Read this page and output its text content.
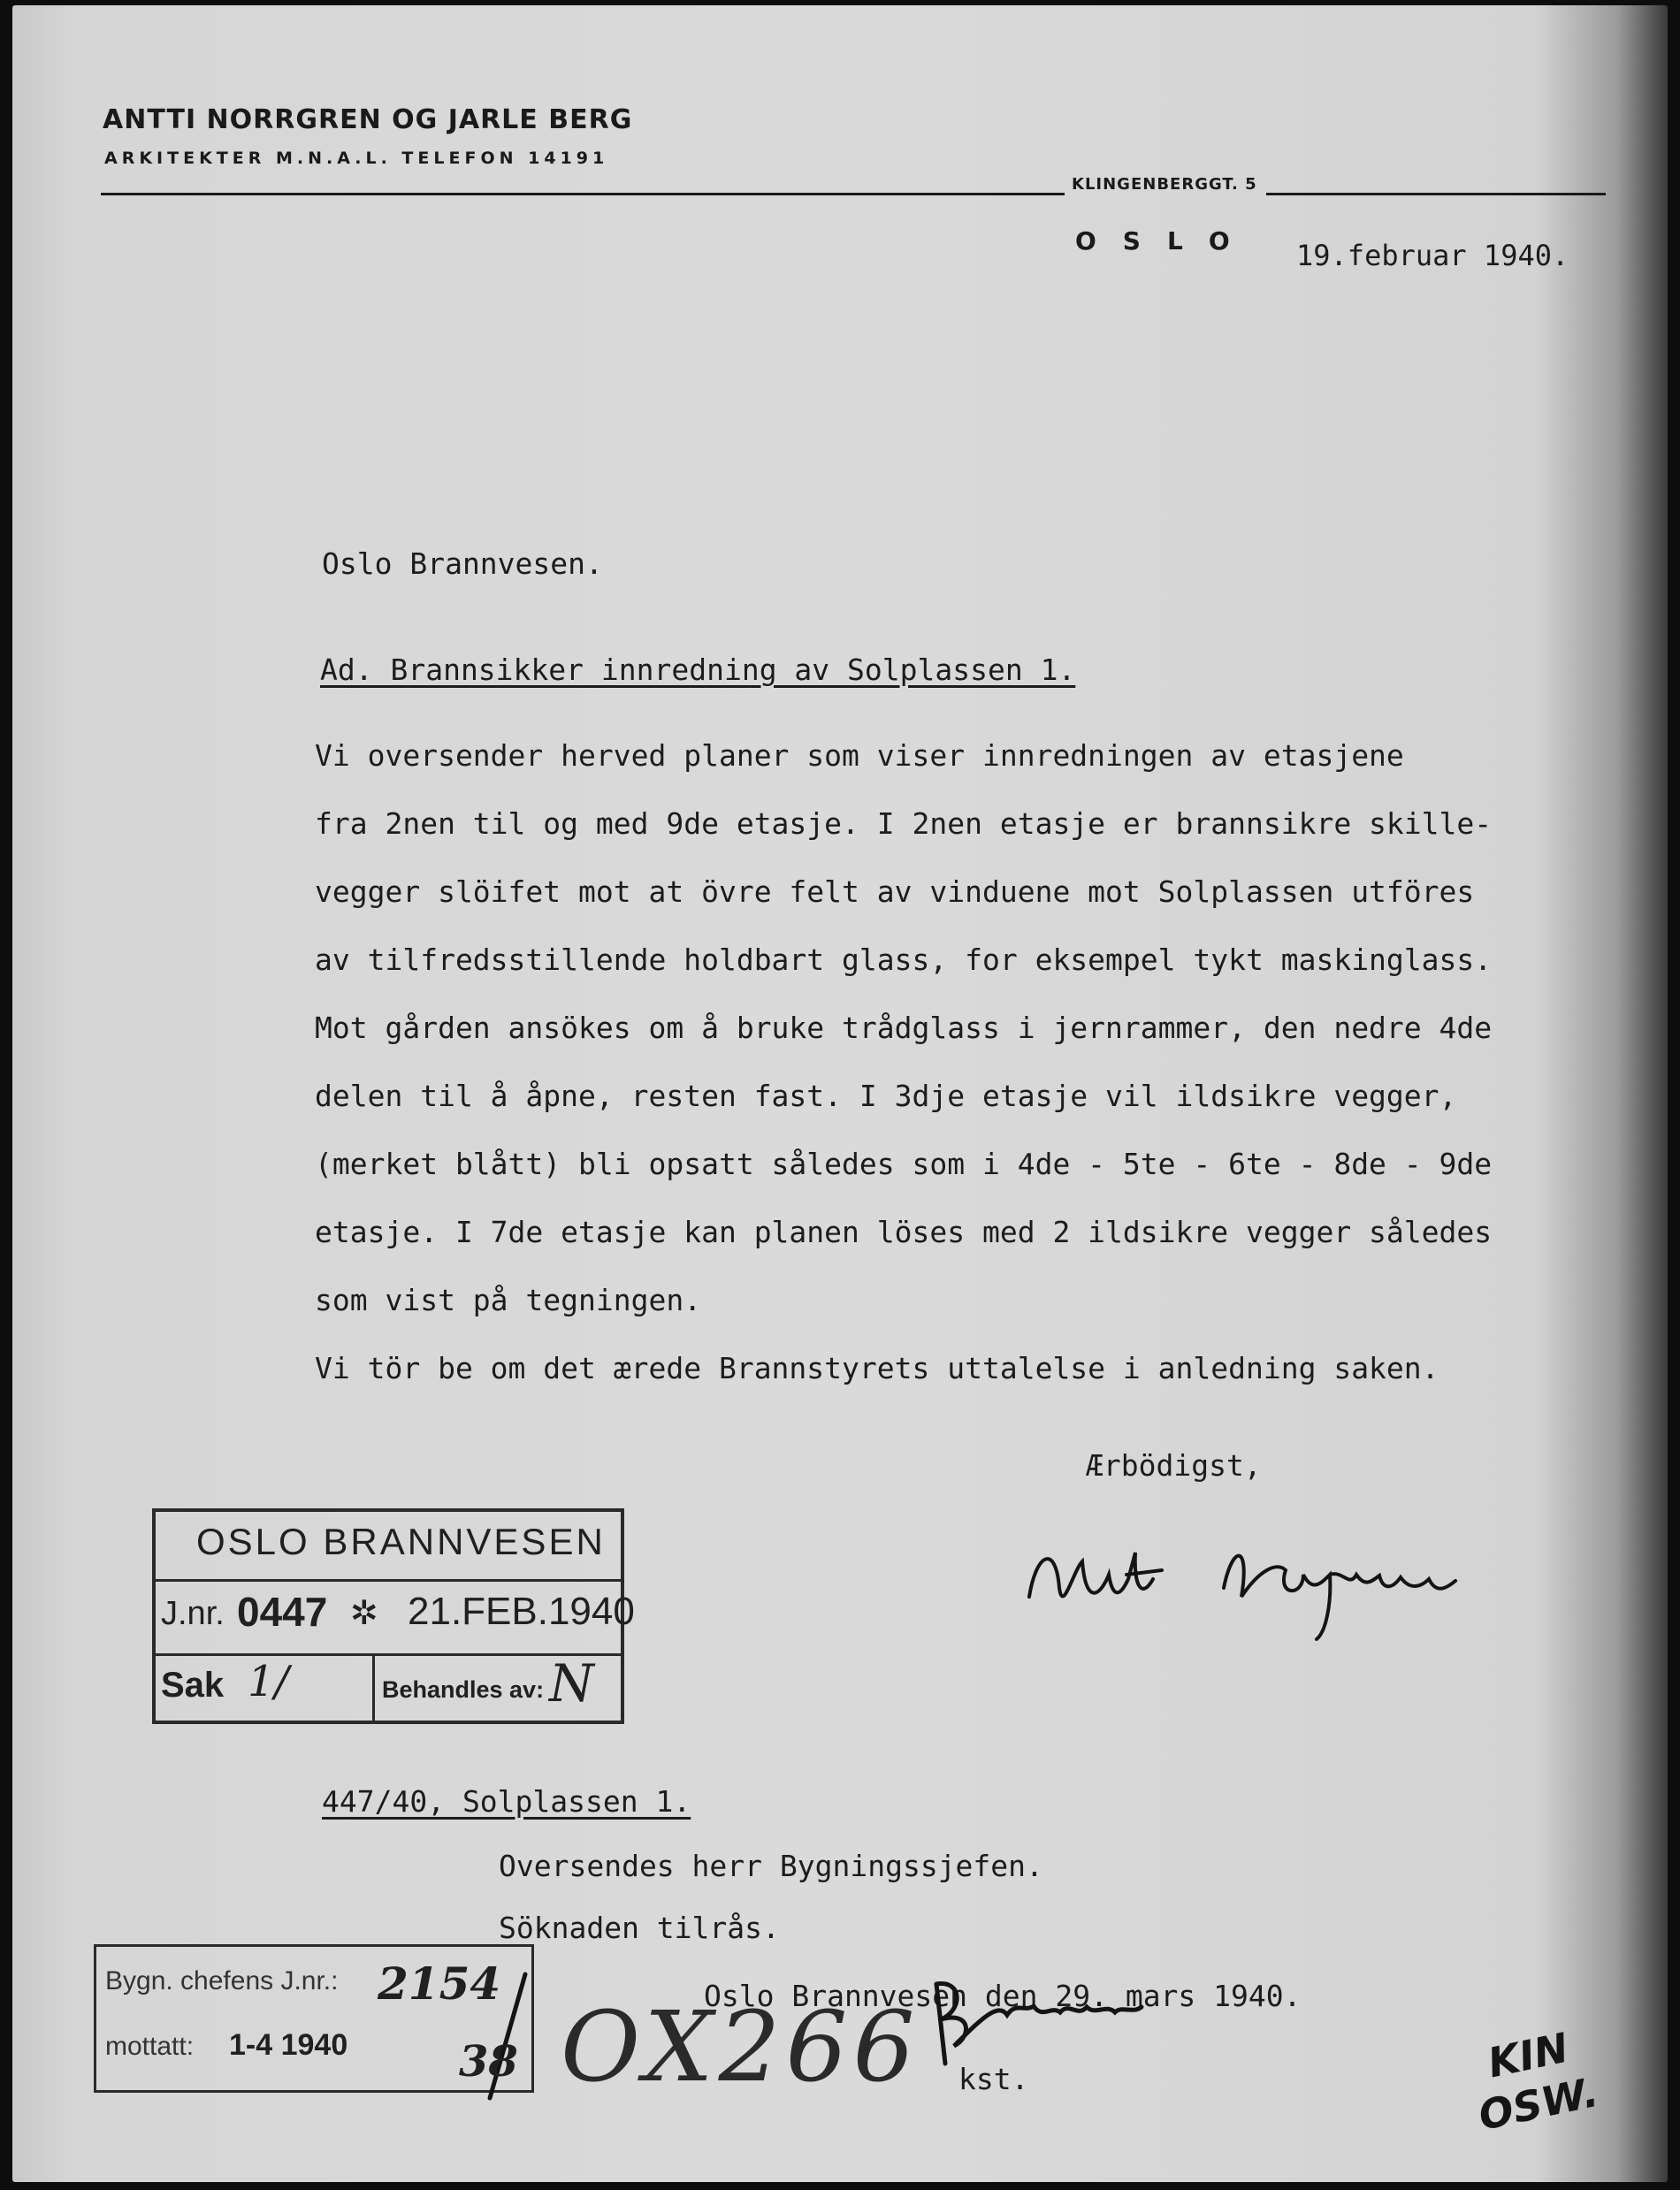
ANTTI NORRGREN OG JARLE BERG
ARKITEKTER M.N.A.L. TELEFON 14191
KLINGENBERGGT. 5
OSLO 19.februar 1940.
Oslo Brannvesen.
Ad. Brannsikker innredning av Solplassen 1.
Vi oversender herved planer som viser innredningen av etasjene
fra 2nen til og med 9de etasje. I 2nen etasje er brannsikre skille-
vegger slöifet mot at övre felt av vinduene mot Solplassen utföres
av tilfredsstillende holdbart glass, for eksempel tykt maskinglass.
Mot gården ansökes om å bruke trådglass i jernrammer, den nedre 4de
delen til å åpne, resten fast. I 3dje etasje vil ildsikre vegger,
(merket blått) bli opsatt således som i 4de - 5te - 6te - 8de - 9de
etasje. I 7de etasje kan planen löses med 2 ildsikre vegger således
som vist på tegningen.
Vi tör be om det ærede Brannstyrets uttalelse i anledning saken.
Ærbödigst,
OSLO BRANNVESEN
J.nr. 0447 ✲ 21.FEB.1940
Sak 1/	Behandles av: N
447/40, Solplassen 1.
Oversendes herr Bygningssjefen.
Söknaden tilrås.
Oslo Brannvesen den 29. mars 1940.
kst.
Bygn. chefens J.nr.: 2154
mottatt: 1-4 1940	38 OX266	KIN OSW.
